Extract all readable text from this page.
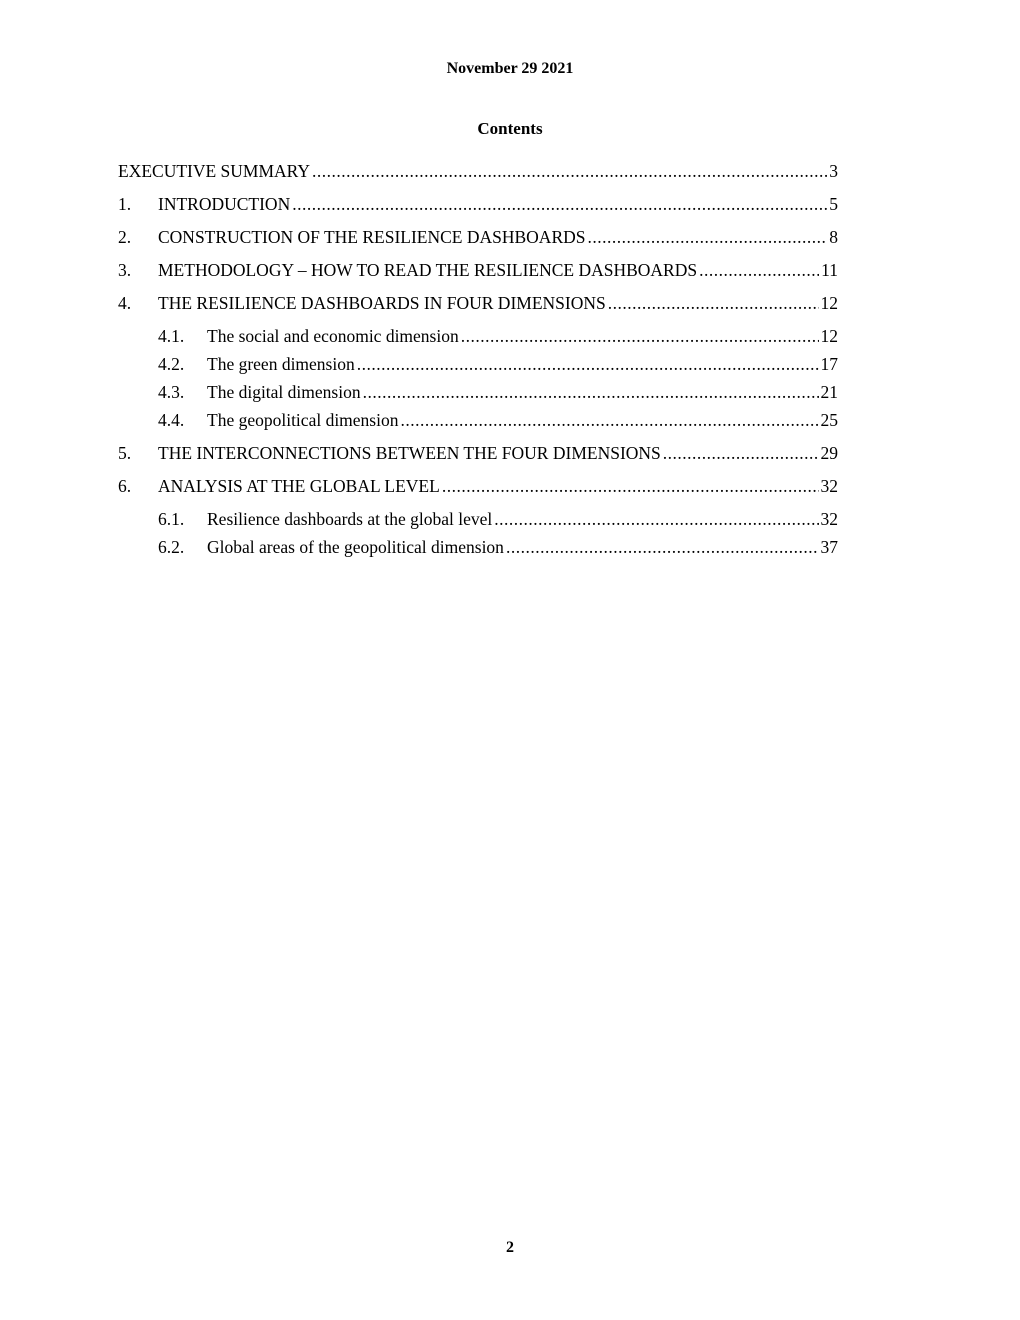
November 29 2021
Contents
EXECUTIVE SUMMARY .....	3
1.	INTRODUCTION .....	5
2.	CONSTRUCTION OF THE RESILIENCE DASHBOARDS .....	8
3.	METHODOLOGY – HOW TO READ THE RESILIENCE DASHBOARDS .....	11
4.	THE RESILIENCE DASHBOARDS IN FOUR DIMENSIONS .....	12
4.1.	The social and economic dimension .....	12
4.2.	The green dimension .....	17
4.3.	The digital dimension .....	21
4.4.	The geopolitical dimension .....	25
5.	THE INTERCONNECTIONS BETWEEN THE FOUR DIMENSIONS .....	29
6.	ANALYSIS AT THE GLOBAL LEVEL .....	32
6.1.	Resilience dashboards at the global level .....	32
6.2.	Global areas of the geopolitical dimension .....	37
2
